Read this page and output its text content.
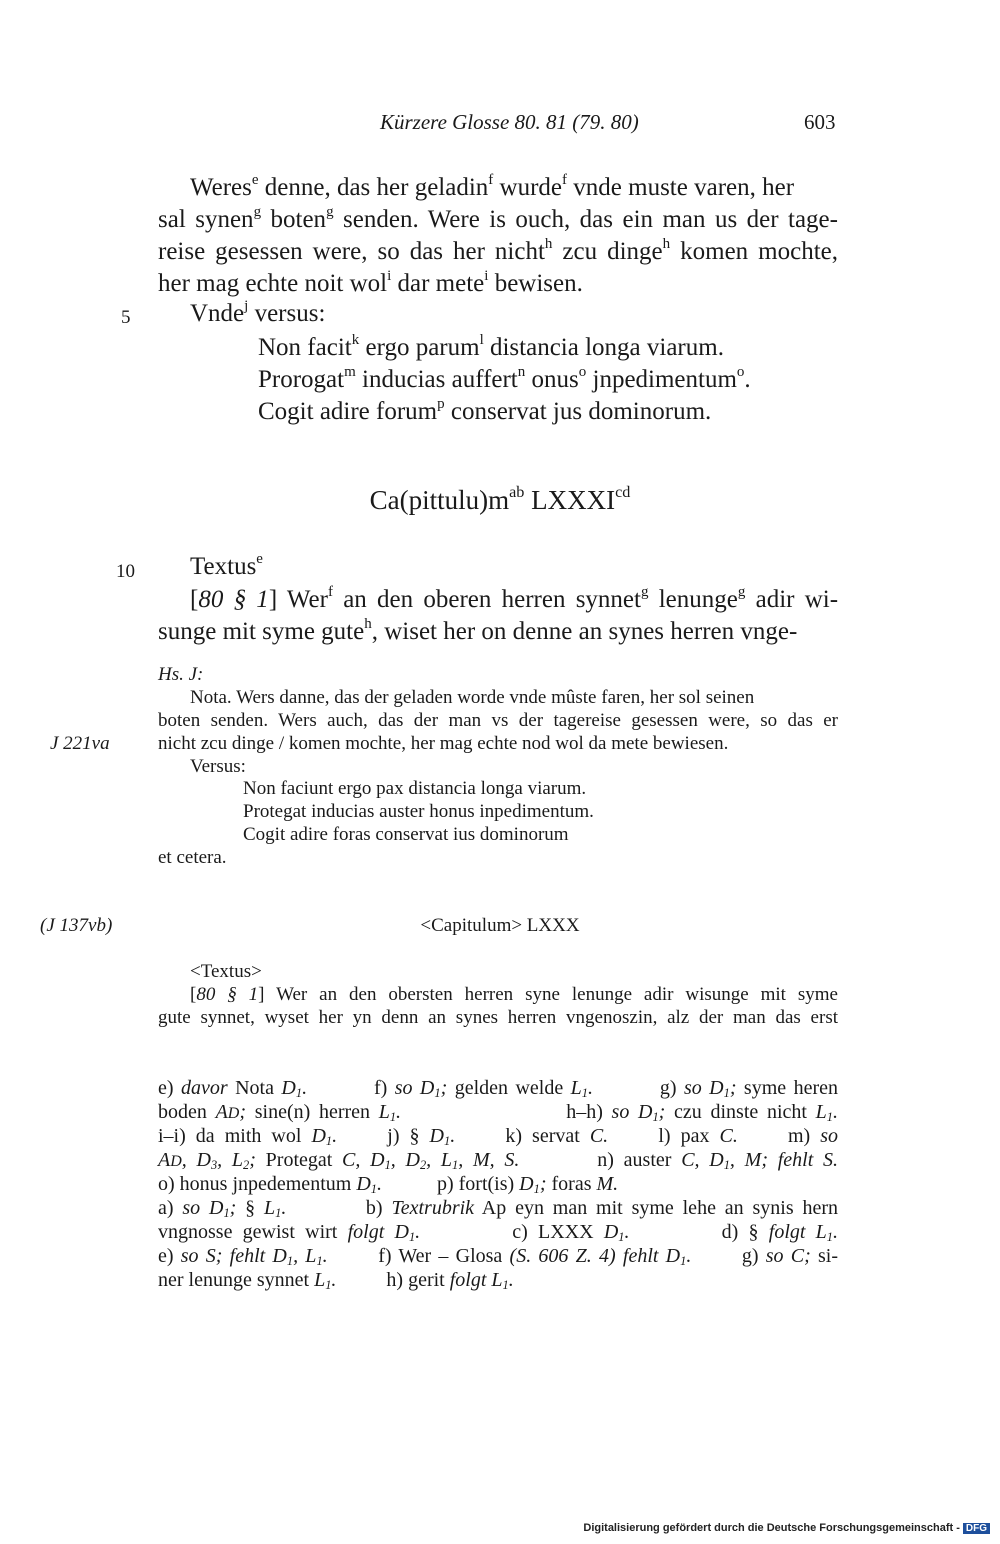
Kürzere Glosse 80. 81 (79. 80)	603
Weres$^e$ denne, das her geladin$^f$ wurde$^f$ vnde muste varen, her
sal synen$^g$ boten$^g$ senden. Were is ouch, das ein man us der tage-
reise gesessen were, so das her nicht$^h$ zcu dinge$^h$ komen mochte,
her mag echte noit wol$^i$ dar mete$^i$ bewisen.
5 Vnde$^j$ versus:
Non facit$^k$ ergo parum$^l$ distancia longa viarum.
Prorogat$^m$ inducias auffert$^n$ onus$^o$ jnpedimentum$^o$.
Cogit adire forum$^p$ conservat jus dominorum.
$Ca(pittulu)m^{ab}$ $LXXXI^{cd}$
10 Textus$^e$
[80 § 1] Wer$^f$ an den oberen herren synnet$^g$ lenunge$^g$ adir wi-
sunge mit syme gute$^h$, wiset her on denne an synes herren vnge-
Hs. J:
Nota. Wers danne, das der geladen worde vnde mûste faren, her sol seinen
boten senden. Wers auch, das der man vs der tagereise gesessen were, so das er
J 221va	nicht zcu dinge / komen mochte, her mag echte nod wol da mete bewiesen.
Versus:
Non faciunt ergo pax distancia longa viarum.
Protegat inducias auster honus inpedimentum.
Cogit adire foras conservat ius dominorum
et cetera.
(J 137vb)	<Capitulum> LXXX
<Textus>
[80 § 1] Wer an den obersten herren syne lenunge adir wisunge mit syme
gute synnet, wyset her yn denn an synes herren vngenoszin, alz der man das erst
e) davor Nota $D_1$.         f) so $D_1$; gelden welde $L_1$.         g) so $D_1$; syme heren
boden AD; sine(n) herren $L_1$.                   h–h) so $D_1$; czu dinste nicht $L_1$.
i–i) da mith wol $D_1$.     j) § $D_1$.     k) servat C.     l) pax C.     m) so
AD, $D_3$, $L_2$; Protegat C, $D_1$, $D_2$, $L_1$, M, S.        n) auster C, $D_1$, M; fehlt S.
o) honus jnpedementum $D_1$.           p) fort(is) $D_1$; foras M.
a) so $D_1$; § $L_1$.         b) Textrubrik Ap eyn man mit syme lehe an synis hern
vngnosse gewist wirt folgt $D_1$.         c) LXXX $D_1$.         d) § folgt $L_1$.
e) so S; fehlt $D_1$, $L_1$.       f) Wer – Glosa (S. 606 Z. 4) fehlt $D_1$.       g) so C; si-
ner lenunge synnet $L_1$.          h) gerit folgt $L_1$.
Digitalisierung gefördert durch die Deutsche Forschungsgemeinschaft - DFG
